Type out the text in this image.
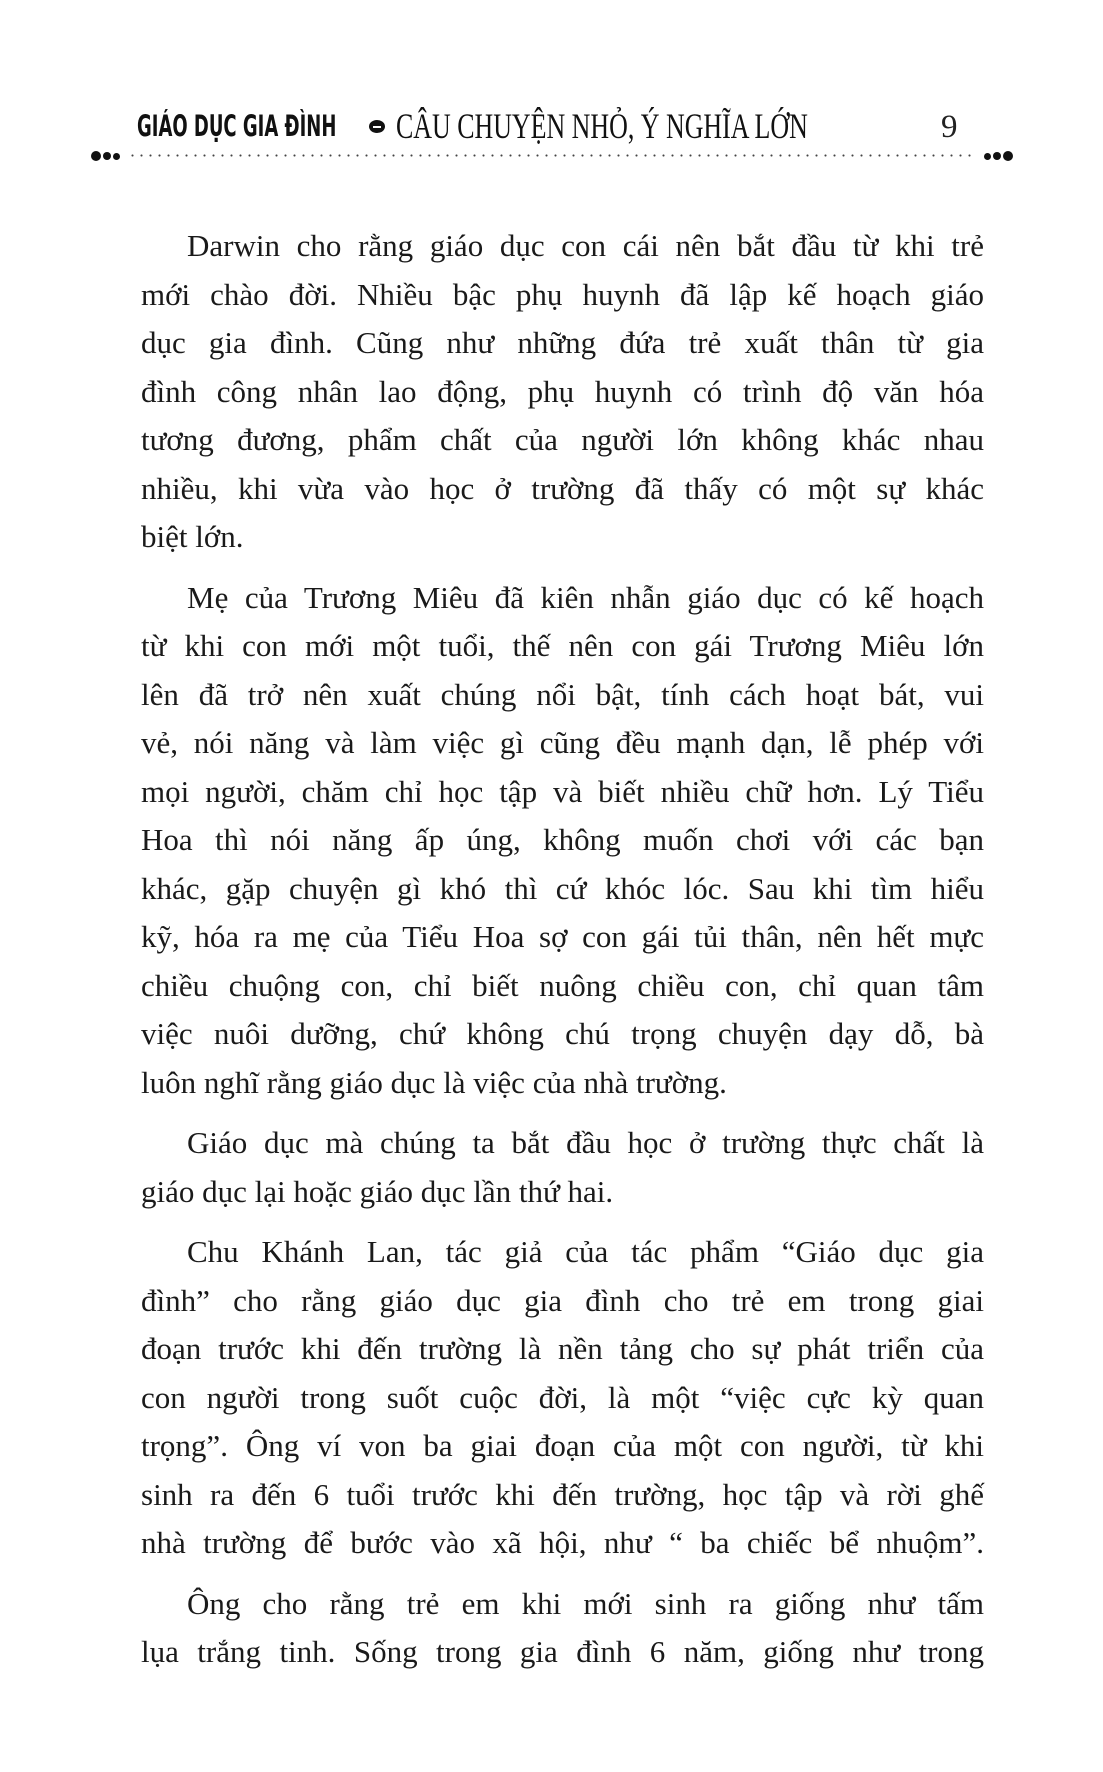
GIÁO DỤC GIA ĐÌNH CÂU CHUYỆN NHỎ, Ý NGHĨA LỚN	9
Darwin cho rằng giáo dục con cái nên bắt đầu từ khi trẻ
mới chào đời. Nhiều bậc phụ huynh đã lập kế hoạch giáo
dục gia đình. Cũng như những đứa trẻ xuất thân từ gia
đình công nhân lao động, phụ huynh có trình độ văn hóa
tương đương, phẩm chất của người lớn không khác nhau
nhiều, khi vừa vào học ở trường đã thấy có một sự khác
biệt lớn.
Mẹ của Trương Miêu đã kiên nhẫn giáo dục có kế hoạch
từ khi con mới một tuổi, thế nên con gái Trương Miêu lớn
lên đã trở nên xuất chúng nổi bật, tính cách hoạt bát, vui
vẻ, nói năng và làm việc gì cũng đều mạnh dạn, lễ phép với
mọi người, chăm chỉ học tập và biết nhiều chữ hơn. Lý Tiểu
Hoa thì nói năng ấp úng, không muốn chơi với các bạn
khác, gặp chuyện gì khó thì cứ khóc lóc. Sau khi tìm hiểu
kỹ, hóa ra mẹ của Tiểu Hoa sợ con gái tủi thân, nên hết mực
chiều chuộng con, chỉ biết nuông chiều con, chỉ quan tâm
việc nuôi dưỡng, chứ không chú trọng chuyện dạy dỗ, bà
luôn nghĩ rằng giáo dục là việc của nhà trường.
Giáo dục mà chúng ta bắt đầu học ở trường thực chất là
giáo dục lại hoặc giáo dục lần thứ hai.
Chu Khánh Lan, tác giả của tác phẩm “Giáo dục gia
đình” cho rằng giáo dục gia đình cho trẻ em trong giai
đoạn trước khi đến trường là nền tảng cho sự phát triển của
con người trong suốt cuộc đời, là một “việc cực kỳ quan
trọng”. Ông ví von ba giai đoạn của một con người, từ khi
sinh ra đến 6 tuổi trước khi đến trường, học tập và rời ghế
nhà trường để bước vào xã hội, như “ ba chiếc bể nhuộm”.
Ông cho rằng trẻ em khi mới sinh ra giống như tấm
lụa trắng tinh. Sống trong gia đình 6 năm, giống như trong
